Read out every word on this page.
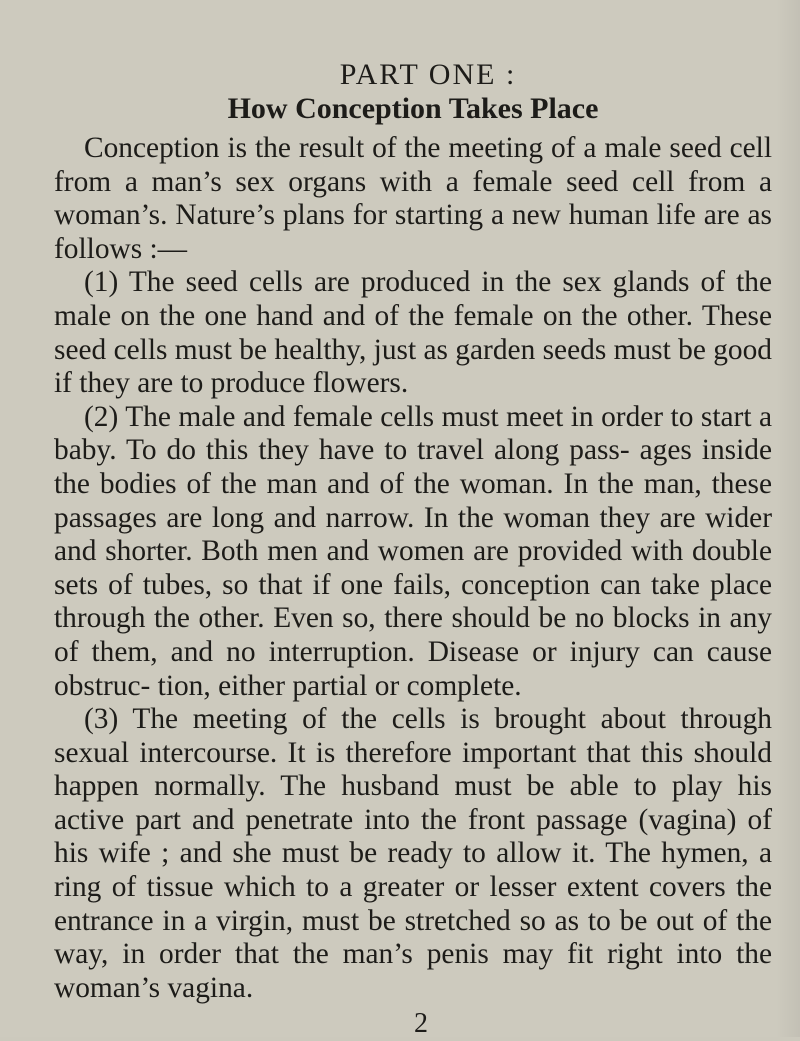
PART ONE :
How Conception Takes Place

Conception is the result of the meeting of a male seed cell from a man’s sex organs with a female seed cell from a woman’s. Nature’s plans for starting a new human life are as follows :—

(1) The seed cells are produced in the sex glands of the male on the one hand and of the female on the other. These seed cells must be healthy, just as garden seeds must be good if they are to produce flowers.

(2) The male and female cells must meet in order to start a baby. To do this they have to travel along pass- ages inside the bodies of the man and of the woman. In the man, these passages are long and narrow. In the woman they are wider and shorter. Both men and women are provided with double sets of tubes, so that if one fails, conception can take place through the other. Even so, there should be no blocks in any of them, and no interruption. Disease or injury can cause obstruc- tion, either partial or complete.

(3) The meeting of the cells is brought about through sexual intercourse. It is therefore important that this should happen normally. The husband must be able to play his active part and penetrate into the front passage (vagina) of his wife ; and she must be ready to allow it. The hymen, a ring of tissue which to a greater or lesser extent covers the entrance in a virgin, must be stretched so as to be out of the way, in order that the man’s penis may fit right into the woman’s vagina.

2
